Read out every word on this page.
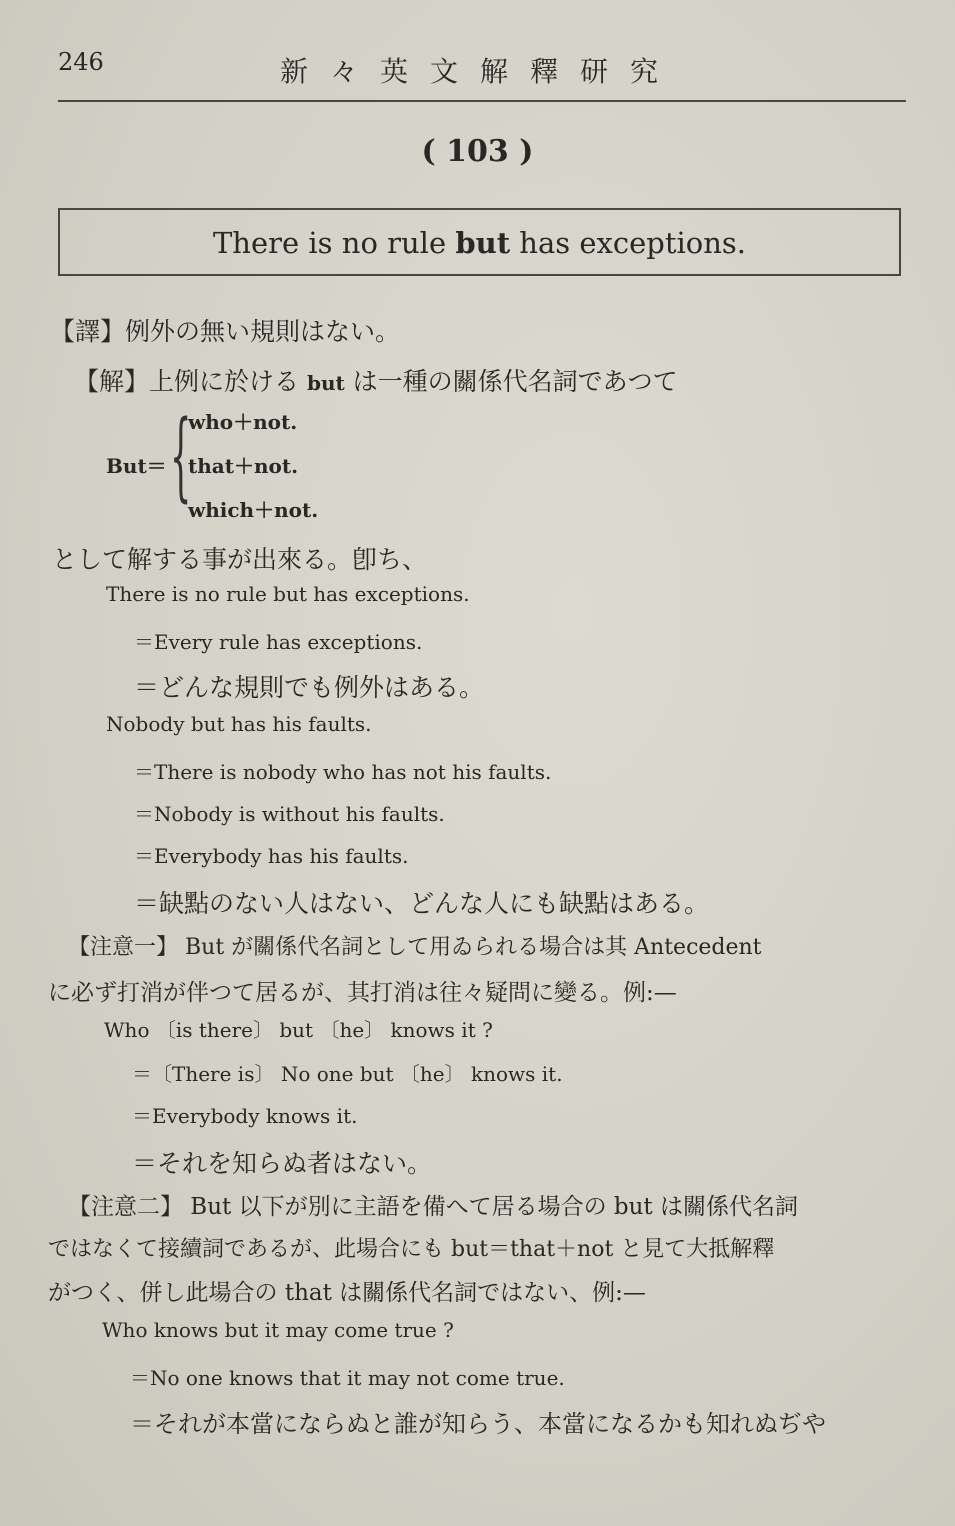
246	新々英文解釋研究
( 103 )
There is no rule but has exceptions.
【譯】例外の無い規則はない。
【解】上例に於ける but は一種の關係代名詞であつて
But＝ {
who＋not.
that＋not.
which＋not.
として解する事が出來る。卽ち、
There is no rule but has exceptions.
＝Every rule has exceptions.
＝どんな規則でも例外はある。
Nobody but has his faults.
＝There is nobody who has not his faults.
＝Nobody is without his faults.
＝Everybody has his faults.
＝缺點のない人はない、どんな人にも缺點はある。
【注意一】 But が關係代名詞として用ゐられる場合は其 Antecedent
に必ず打消が伴つて居るが、其打消は往々疑問に變る。例:—
Who 〔is there〕 but 〔he〕 knows it ?
＝〔There is〕 No one but 〔he〕 knows it.
＝Everybody knows it.
＝それを知らぬ者はない。
【注意二】 But 以下が別に主語を備へて居る場合の but は關係代名詞
ではなくて接續詞であるが、此場合にも but＝that＋not と見て大抵解釋
がつく、併し此場合の that は關係代名詞ではない、例:—
Who knows but it may come true ?
＝No one knows that it may not come true.
＝それが本當にならぬと誰が知らう、本當になるかも知れぬぢや
